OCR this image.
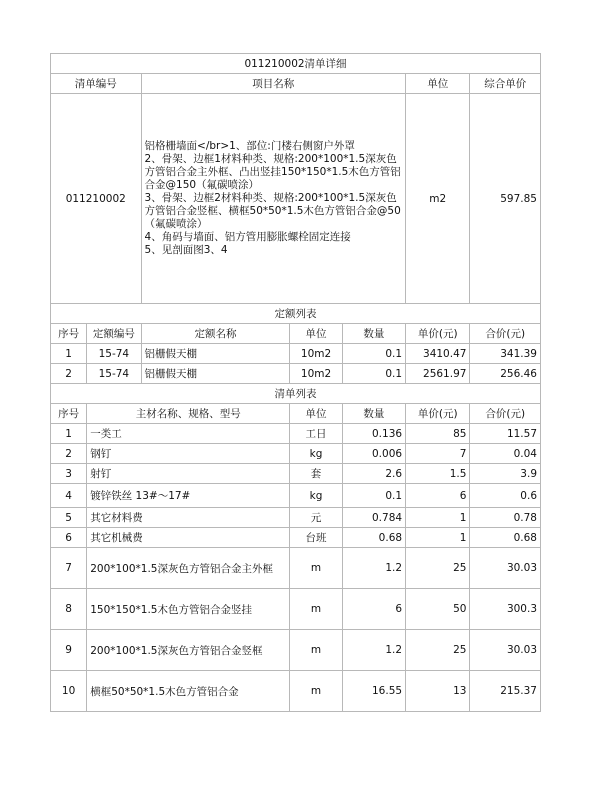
011210002清单详细						
清单编号		项目名称			单位	综合单价
011210002		铝格栅墙面</br>1、部位:门楼右侧窗户外罩
2、骨架、边框1材料种类、规格:200*100*1.5深灰色方管铝合金主外框、凸出竖挂150*150*1.5木色方管铝合金@150（氟碳喷涂）
3、骨架、边框2材料种类、规格:200*100*1.5深灰色方管铝合金竖框、横框50*50*1.5木色方管铝合金@50（氟碳喷涂）
4、角码与墙面、铝方管用膨胀螺栓固定连接
5、见剖面图3、4			m2	597.85
定额列表						
序号	定额编号	定额名称	单位	数量	单价(元)	合价(元)
1	15-74	铝栅假天棚	10m2	0.1	3410.47	341.39
2	15-74	铝栅假天棚	10m2	0.1	2561.97	256.46
清单列表						
序号	主材名称、规格、型号		单位	数量	单价(元)	合价(元)
1	一类工		工日	0.136	85	11.57
2	钢钉		kg	0.006	7	0.04
3	射钉		套	2.6	1.5	3.9
4	镀锌铁丝 13#～17#		kg	0.1	6	0.6
5	其它材料费		元	0.784	1	0.78
6	其它机械费		台班	0.68	1	0.68
7	200*100*1.5深灰色方管铝合金主外框		m	1.2	25	30.03
8	150*150*1.5木色方管铝合金竖挂		m	6	50	300.3
9	200*100*1.5深灰色方管铝合金竖框		m	1.2	25	30.03
10	横框50*50*1.5木色方管铝合金		m	16.55	13	215.37
